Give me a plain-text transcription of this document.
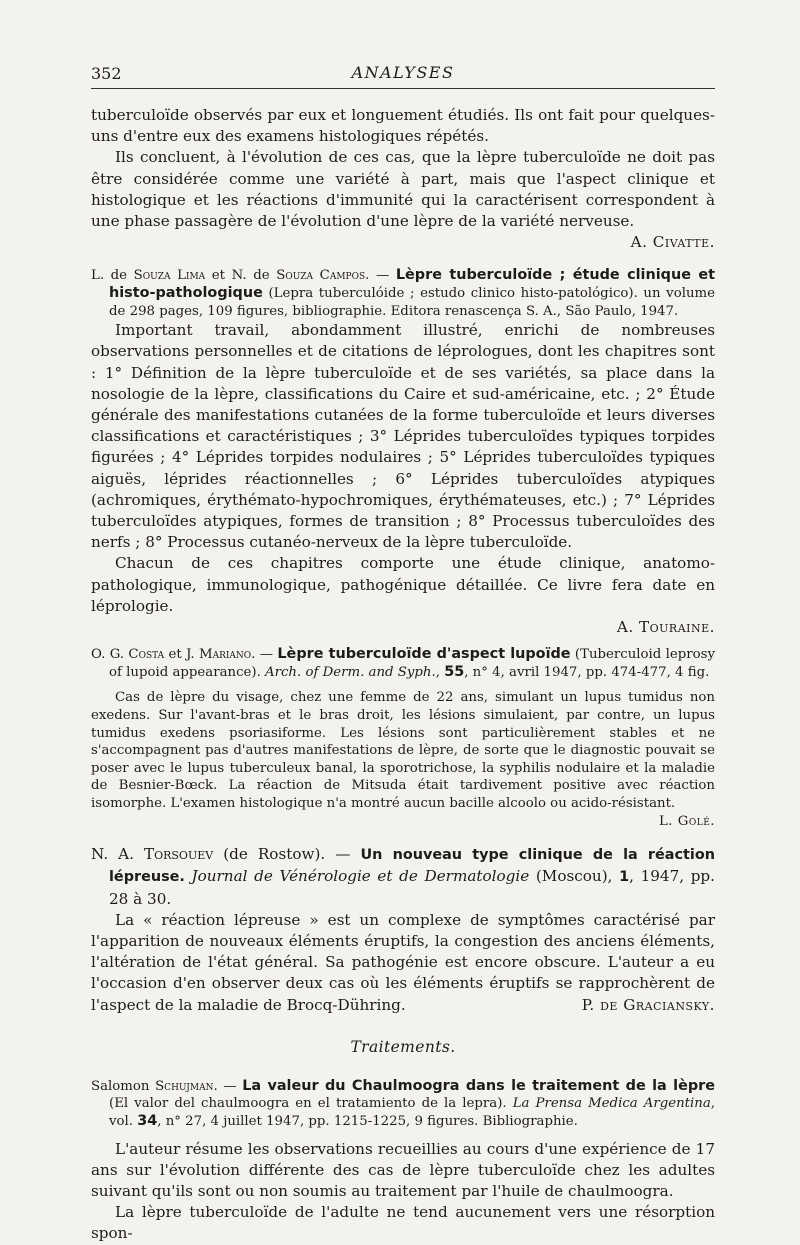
352	ANALYSES

tuberculoïde observés par eux et longuement étudiés. Ils ont fait pour quelques-uns d'entre eux des examens histologiques répétés.

Ils concluent, à l'évolution de ces cas, que la lèpre tuberculoïde ne doit pas être considérée comme une variété à part, mais que l'aspect clinique et histologique et les réactions d'immunité qui la caractérisent correspondent à une phase passagère de l'évolution d'une lèpre de la variété nerveuse.
A. Civatte.

L. de Souza Lima et N. de Souza Campos. — Lèpre tuberculoïde ; étude clinique et histo-pathologique (Lepra tuberculóide ; estudo clinico histo-patológico). un volume de 298 pages, 109 figures, bibliographie. Editora renascença S. A., São Paulo, 1947.

Important travail, abondamment illustré, enrichi de nombreuses observations personnelles et de citations de léprologues, dont les chapitres sont : 1° Définition de la lèpre tuberculoïde et de ses variétés, sa place dans la nosologie de la lèpre, classifications du Caire et sud-américaine, etc. ; 2° Étude générale des manifestations cutanées de la forme tuberculoïde et leurs diverses classifications et caractéristiques ; 3° Léprides tuberculoïdes typiques torpides figurées ; 4° Léprides torpides nodulaires ; 5° Léprides tuberculoïdes typiques aiguës, léprides réactionnelles ; 6° Léprides tuberculoïdes atypiques (achromiques, érythémato-hypochromiques, érythémateuses, etc.) ; 7° Léprides tuberculoïdes atypiques, formes de transition ; 8° Processus tuberculoïdes des nerfs ; 8° Processus cutanéo-nerveux de la lèpre tuberculoïde.

Chacun de ces chapitres comporte une étude clinique, anatomo-pathologique, immunologique, pathogénique détaillée. Ce livre fera date en léprologie.

A. Touraine.

O. G. Costa et J. Mariano. — Lèpre tuberculoïde d'aspect lupoïde (Tuberculoid leprosy of lupoid appearance). Arch. of Derm. and Syph., 55, n° 4, avril 1947, pp. 474-477, 4 fig.

Cas de lèpre du visage, chez une femme de 22 ans, simulant un lupus tumidus non exedens. Sur l'avant-bras et le bras droit, les lésions simulaient, par contre, un lupus tumidus exedens psoriasiforme. Les lésions sont particulièrement stables et ne s'accompagnent pas d'autres manifestations de lèpre, de sorte que le diagnostic pouvait se poser avec le lupus tuberculeux banal, la sporotrichose, la syphilis nodulaire et la maladie de Besnier-Bœck. La réaction de Mitsuda était tardivement positive avec réaction isomorphe. L'examen histologique n'a montré aucun bacille alcoolo ou acido-résistant.

L. Golé.

N. A. Torsouev (de Rostow). — Un nouveau type clinique de la réaction lépreuse. Journal de Vénérologie et de Dermatologie (Moscou), 1, 1947, pp. 28 à 30.

La « réaction lépreuse » est un complexe de symptômes caractérisé par l'apparition de nouveaux éléments éruptifs, la congestion des anciens éléments, l'altération de l'état général. Sa pathogénie est encore obscure. L'auteur a eu l'occasion d'en observer deux cas où les éléments éruptifs se rapprochèrent de l'aspect de la maladie de Brocq-Dühring.	P. de Graciansky.

Traitements.

Salomon Schujman. — La valeur du Chaulmoogra dans le traitement de la lèpre (El valor del chaulmoogra en el tratamiento de la lepra). La Prensa Medica Argentina, vol. 34, n° 27, 4 juillet 1947, pp. 1215-1225, 9 figures. Bibliographie.

L'auteur résume les observations recueillies au cours d'une expérience de 17 ans sur l'évolution différente des cas de lèpre tuberculoïde chez les adultes suivant qu'ils sont ou non soumis au traitement par l'huile de chaulmoogra.

La lèpre tuberculoïde de l'adulte ne tend aucunement vers une résorption spon-
